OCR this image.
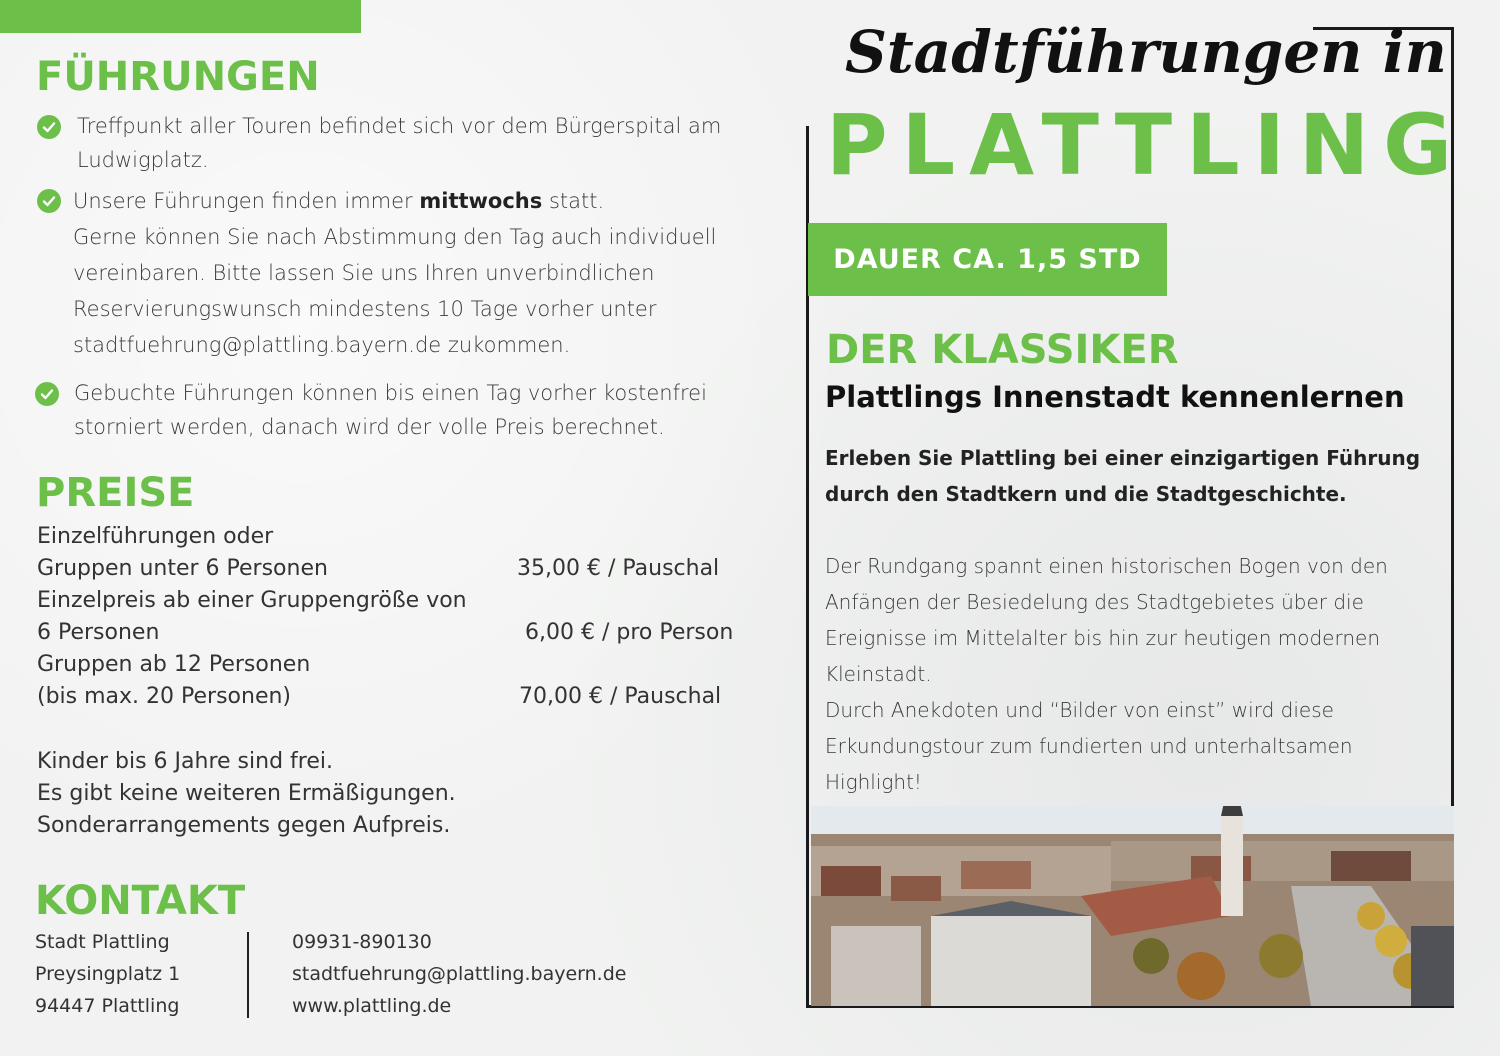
FÜHRUNGEN
Treffpunkt aller Touren befindet sich vor dem Bürgerspital am
Ludwigplatz.
Unsere Führungen finden immer mittwochs statt.
Gerne können Sie nach Abstimmung den Tag auch individuell
vereinbaren. Bitte lassen Sie uns Ihren unverbindlichen
Reservierungswunsch mindestens 10 Tage vorher unter
stadtfuehrung@plattling.bayern.de zukommen.
Gebuchte Führungen können bis einen Tag vorher kostenfrei
storniert werden, danach wird der volle Preis berechnet.
PREISE
Einzelführungen oder
Gruppen unter 6 Personen	35,00 € / Pauschal
Einzelpreis ab einer Gruppengröße von
6 Personen	6,00 € / pro Person
Gruppen ab 12 Personen
(bis max. 20 Personen)	70,00 € / Pauschal
Kinder bis 6 Jahre sind frei.
Es gibt keine weiteren Ermäßigungen.
Sonderarrangements gegen Aufpreis.
KONTAKT
Stadt Plattling
Preysingplatz 1
94447 Plattling
09931-890130
stadtfuehrung@plattling.bayern.de
www.plattling.de
Stadtführungen in
PLATTLING
DAUER CA. 1,5 STD
DER KLASSIKER
Plattlings Innenstadt kennenlernen
Erleben Sie Plattling bei einer einzigartigen Führung
durch den Stadtkern und die Stadtgeschichte.
Der Rundgang spannt einen historischen Bogen von den
Anfängen der Besiedelung des Stadtgebietes über die
Ereignisse im Mittelalter bis hin zur heutigen modernen
Kleinstadt.
Durch Anekdoten und “Bilder von einst” wird diese
Erkundungstour zum fundierten und unterhaltsamen
Highlight!
